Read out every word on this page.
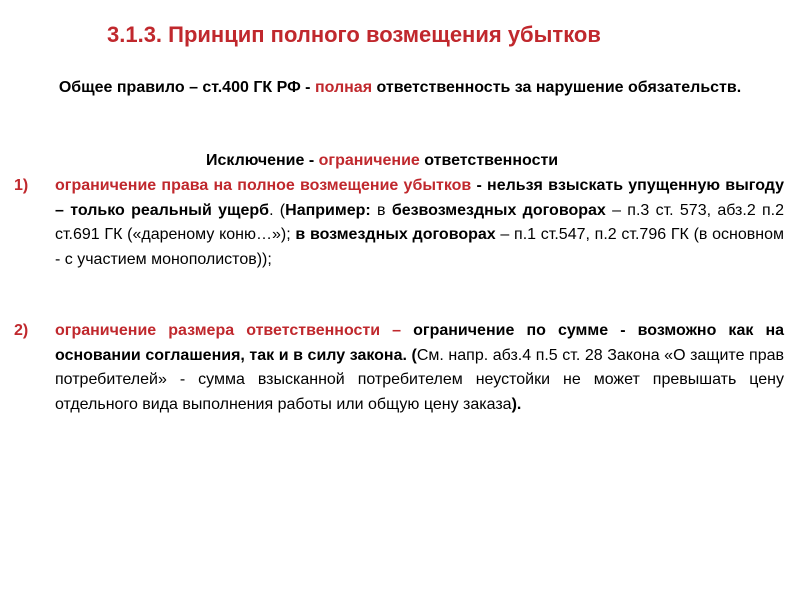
3.1.3. Принцип полного возмещения убытков
Общее правило – ст.400 ГК РФ - полная ответственность за нарушение обязательств.
Исключение - ограничение ответственности
1) ограничение права на полное возмещение убытков - нельзя взыскать упущенную выгоду – только реальный ущерб. (Например: в безвозмездных договорах – п.3 ст. 573, абз.2 п.2 ст.691 ГК («дареному коню…»); в возмездных договорах – п.1 ст.547, п.2 ст.796 ГК (в основном - с участием монополистов));
2) ограничение размера ответственности – ограничение по сумме - возможно как на основании соглашения, так и в силу закона. (См. напр. абз.4 п.5 ст. 28 Закона «О защите прав потребителей» - сумма взысканной потребителем неустойки не может превышать цену отдельного вида выполнения работы или общую цену заказа).
